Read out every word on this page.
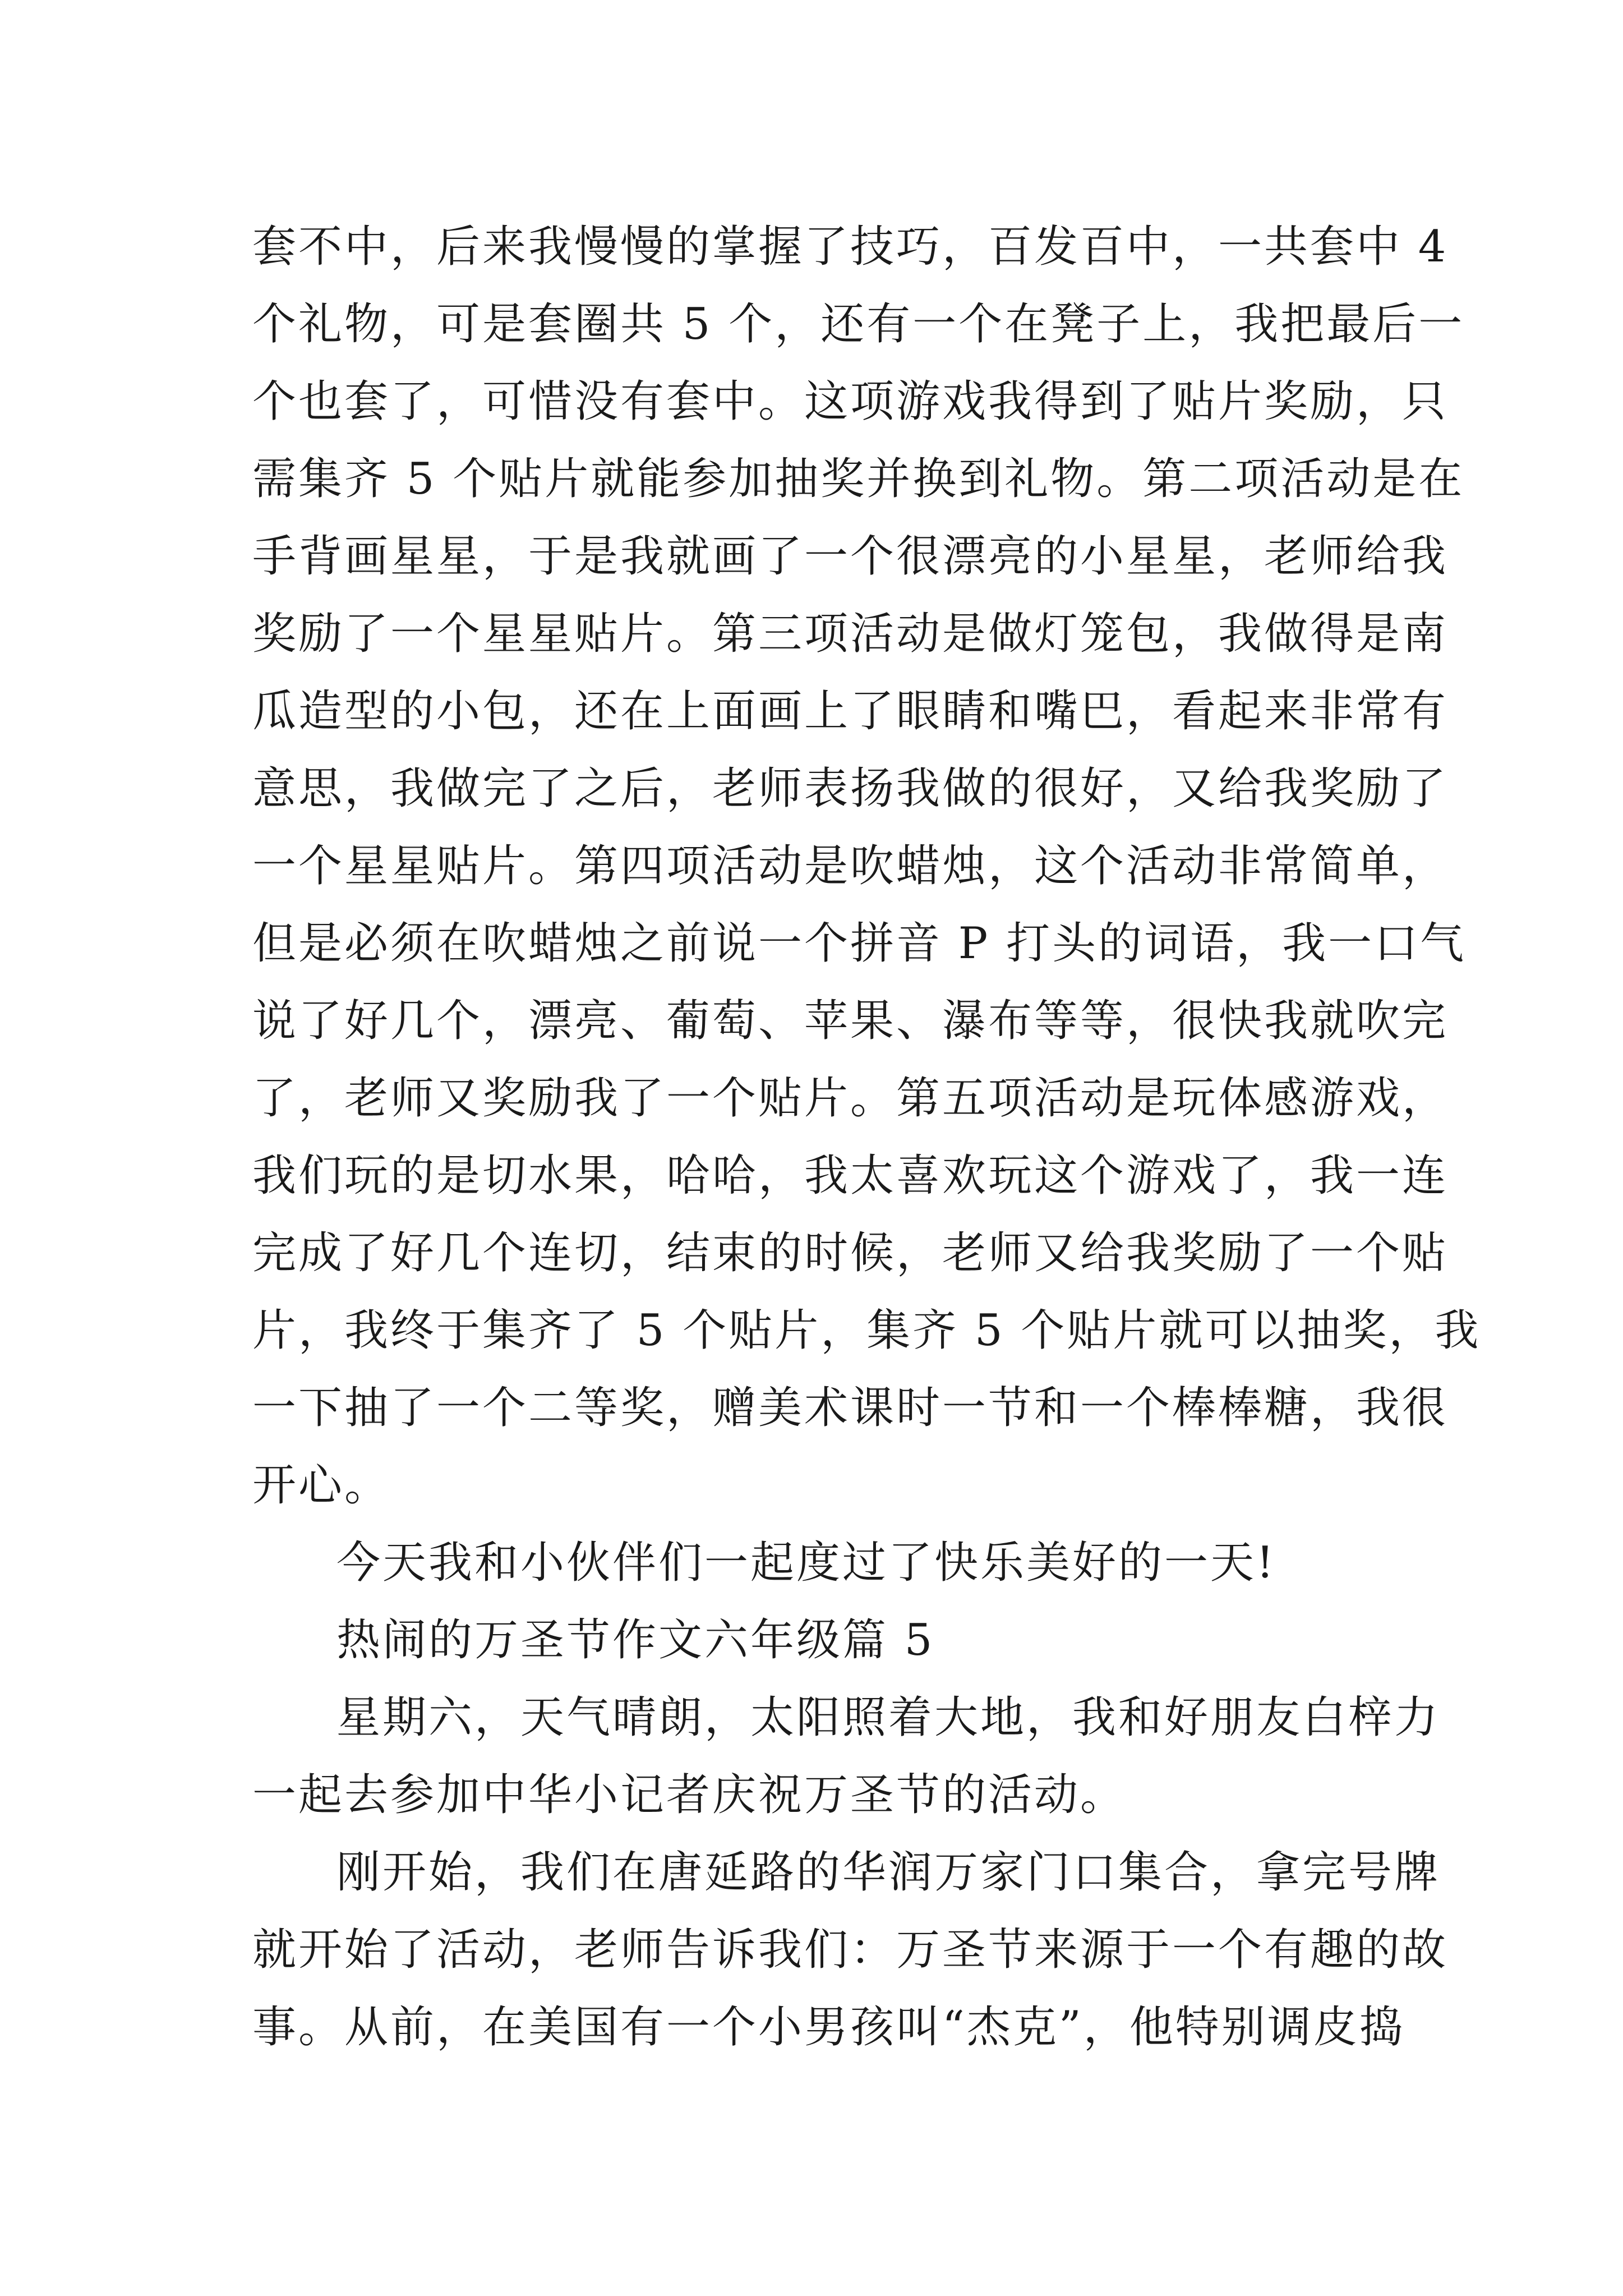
套不中，后来我慢慢的掌握了技巧，百发百中，一共套中 4
个礼物，可是套圈共 5 个，还有一个在凳子上，我把最后一
个也套了，可惜没有套中。这项游戏我得到了贴片奖励，只
需集齐 5 个贴片就能参加抽奖并换到礼物。第二项活动是在
手背画星星，于是我就画了一个很漂亮的小星星，老师给我
奖励了一个星星贴片。第三项活动是做灯笼包，我做得是南
瓜造型的小包，还在上面画上了眼睛和嘴巴，看起来非常有
意思，我做完了之后，老师表扬我做的很好，又给我奖励了
一个星星贴片。第四项活动是吹蜡烛，这个活动非常简单，
但是必须在吹蜡烛之前说一个拼音 P 打头的词语，我一口气
说了好几个，漂亮、葡萄、苹果、瀑布等等，很快我就吹完
了，老师又奖励我了一个贴片。第五项活动是玩体感游戏，
我们玩的是切水果，哈哈，我太喜欢玩这个游戏了，我一连
完成了好几个连切，结束的时候，老师又给我奖励了一个贴
片，我终于集齐了 5 个贴片，集齐 5 个贴片就可以抽奖，我
一下抽了一个二等奖，赠美术课时一节和一个棒棒糖，我很
开心。
今天我和小伙伴们一起度过了快乐美好的一天!
热闹的万圣节作文六年级篇 5
星期六，天气晴朗，太阳照着大地，我和好朋友白梓力
一起去参加中华小记者庆祝万圣节的活动。
刚开始，我们在唐延路的华润万家门口集合，拿完号牌
就开始了活动，老师告诉我们：万圣节来源于一个有趣的故
事。从前，在美国有一个小男孩叫“杰克”，他特别调皮捣
